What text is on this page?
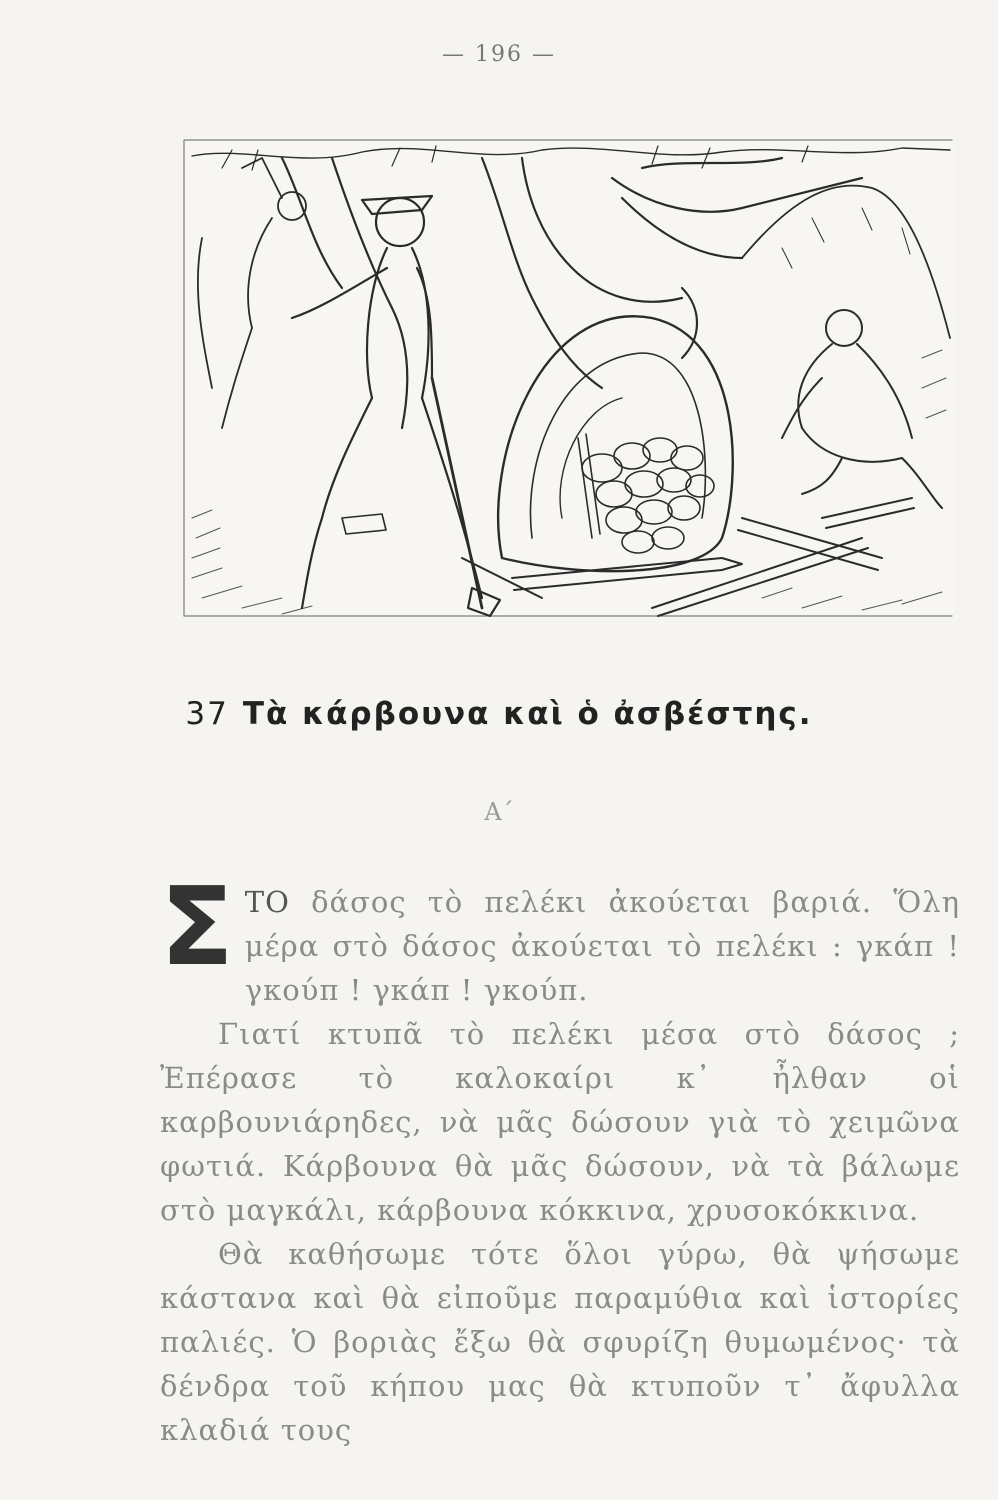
— 196 —
37 Τὰ κάρβουνα καὶ ὁ ἀσβέστης.
Α΄

ΣΤΟ δάσος τὸ πελέκι ἀκούεται βαριά. Ὅλη μέρα στὸ δάσος ἀκούεται τὸ πελέκι : γκάπ ! γκούπ ! γκάπ ! γκούπ.

Γιατί κτυπᾶ τὸ πελέκι μέσα στὸ δάσος ; Ἐπέρασε τὸ καλοκαίρι κ᾽ ἦλθαν οἱ καρβουνιάρηδες, νὰ μᾶς δώσουν γιὰ τὸ χειμῶνα φωτιά. Κάρβουνα θὰ μᾶς δώσουν, νὰ τὰ βάλωμε στὸ μαγκάλι, κάρβουνα κόκκινα, χρυσοκόκκινα.

Θὰ καθήσωμε τότε ὅλοι γύρω, θὰ ψήσωμε κάστανα καὶ θὰ εἰποῦμε παραμύθια καὶ ἱστορίες παλιές. Ὁ βοριὰς ἔξω θὰ σφυρίζη θυμωμένος· τὰ δένδρα τοῦ κήπου μας θὰ κτυποῦν τ᾽ ἄφυλλα κλαδιά τους
